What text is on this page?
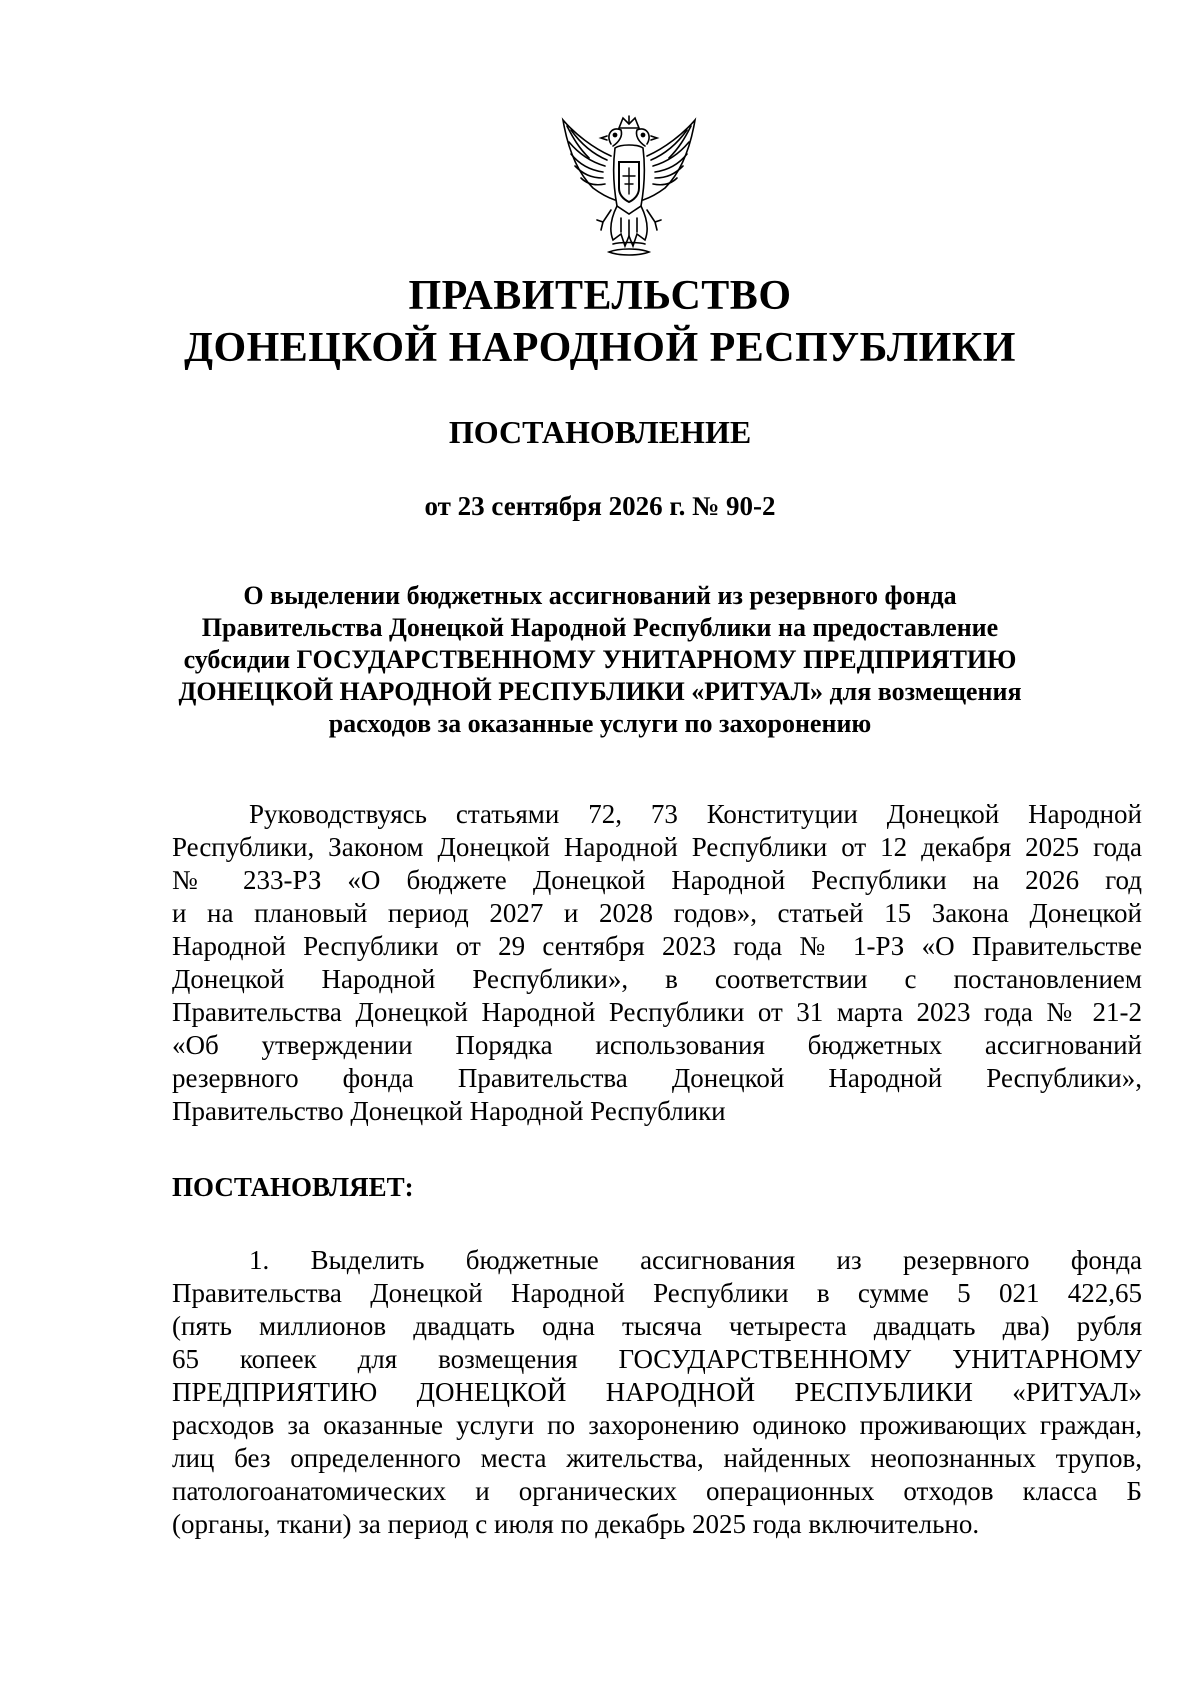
ПРАВИТЕЛЬСТВО
ДОНЕЦКОЙ НАРОДНОЙ РЕСПУБЛИКИ
ПОСТАНОВЛЕНИЕ
от 23 сентября 2026 г. № 90-2
О выделении бюджетных ассигнований из резервного фонда
Правительства Донецкой Народной Республики на предоставление
субсидии ГОСУДАРСТВЕННОМУ УНИТАРНОМУ ПРЕДПРИЯТИЮ
ДОНЕЦКОЙ НАРОДНОЙ РЕСПУБЛИКИ «РИТУАЛ» для возмещения
расходов за оказанные услуги по захоронению
Руководствуясь статьями 72, 73 Конституции Донецкой Народной
Республики, Законом Донецкой Народной Республики от 12 декабря 2025 года
№ 233-РЗ «О бюджете Донецкой Народной Республики на 2026 год
и на плановый период 2027 и 2028 годов», статьей 15 Закона Донецкой
Народной Республики от 29 сентября 2023 года № 1-РЗ «О Правительстве
Донецкой Народной Республики», в соответствии с постановлением
Правительства Донецкой Народной Республики от 31 марта 2023 года № 21-2
«Об утверждении Порядка использования бюджетных ассигнований
резервного фонда Правительства Донецкой Народной Республики»,
Правительство Донецкой Народной Республики
ПОСТАНОВЛЯЕТ:
1. Выделить бюджетные ассигнования из резервного фонда
Правительства Донецкой Народной Республики в сумме 5 021 422,65
(пять миллионов двадцать одна тысяча четыреста двадцать два) рубля
65 копеек для возмещения ГОСУДАРСТВЕННОМУ УНИТАРНОМУ
ПРЕДПРИЯТИЮ ДОНЕЦКОЙ НАРОДНОЙ РЕСПУБЛИКИ «РИТУАЛ»
расходов за оказанные услуги по захоронению одиноко проживающих граждан,
лиц без определенного места жительства, найденных неопознанных трупов,
патологоанатомических и органических операционных отходов класса Б
(органы, ткани) за период с июля по декабрь 2025 года включительно.
